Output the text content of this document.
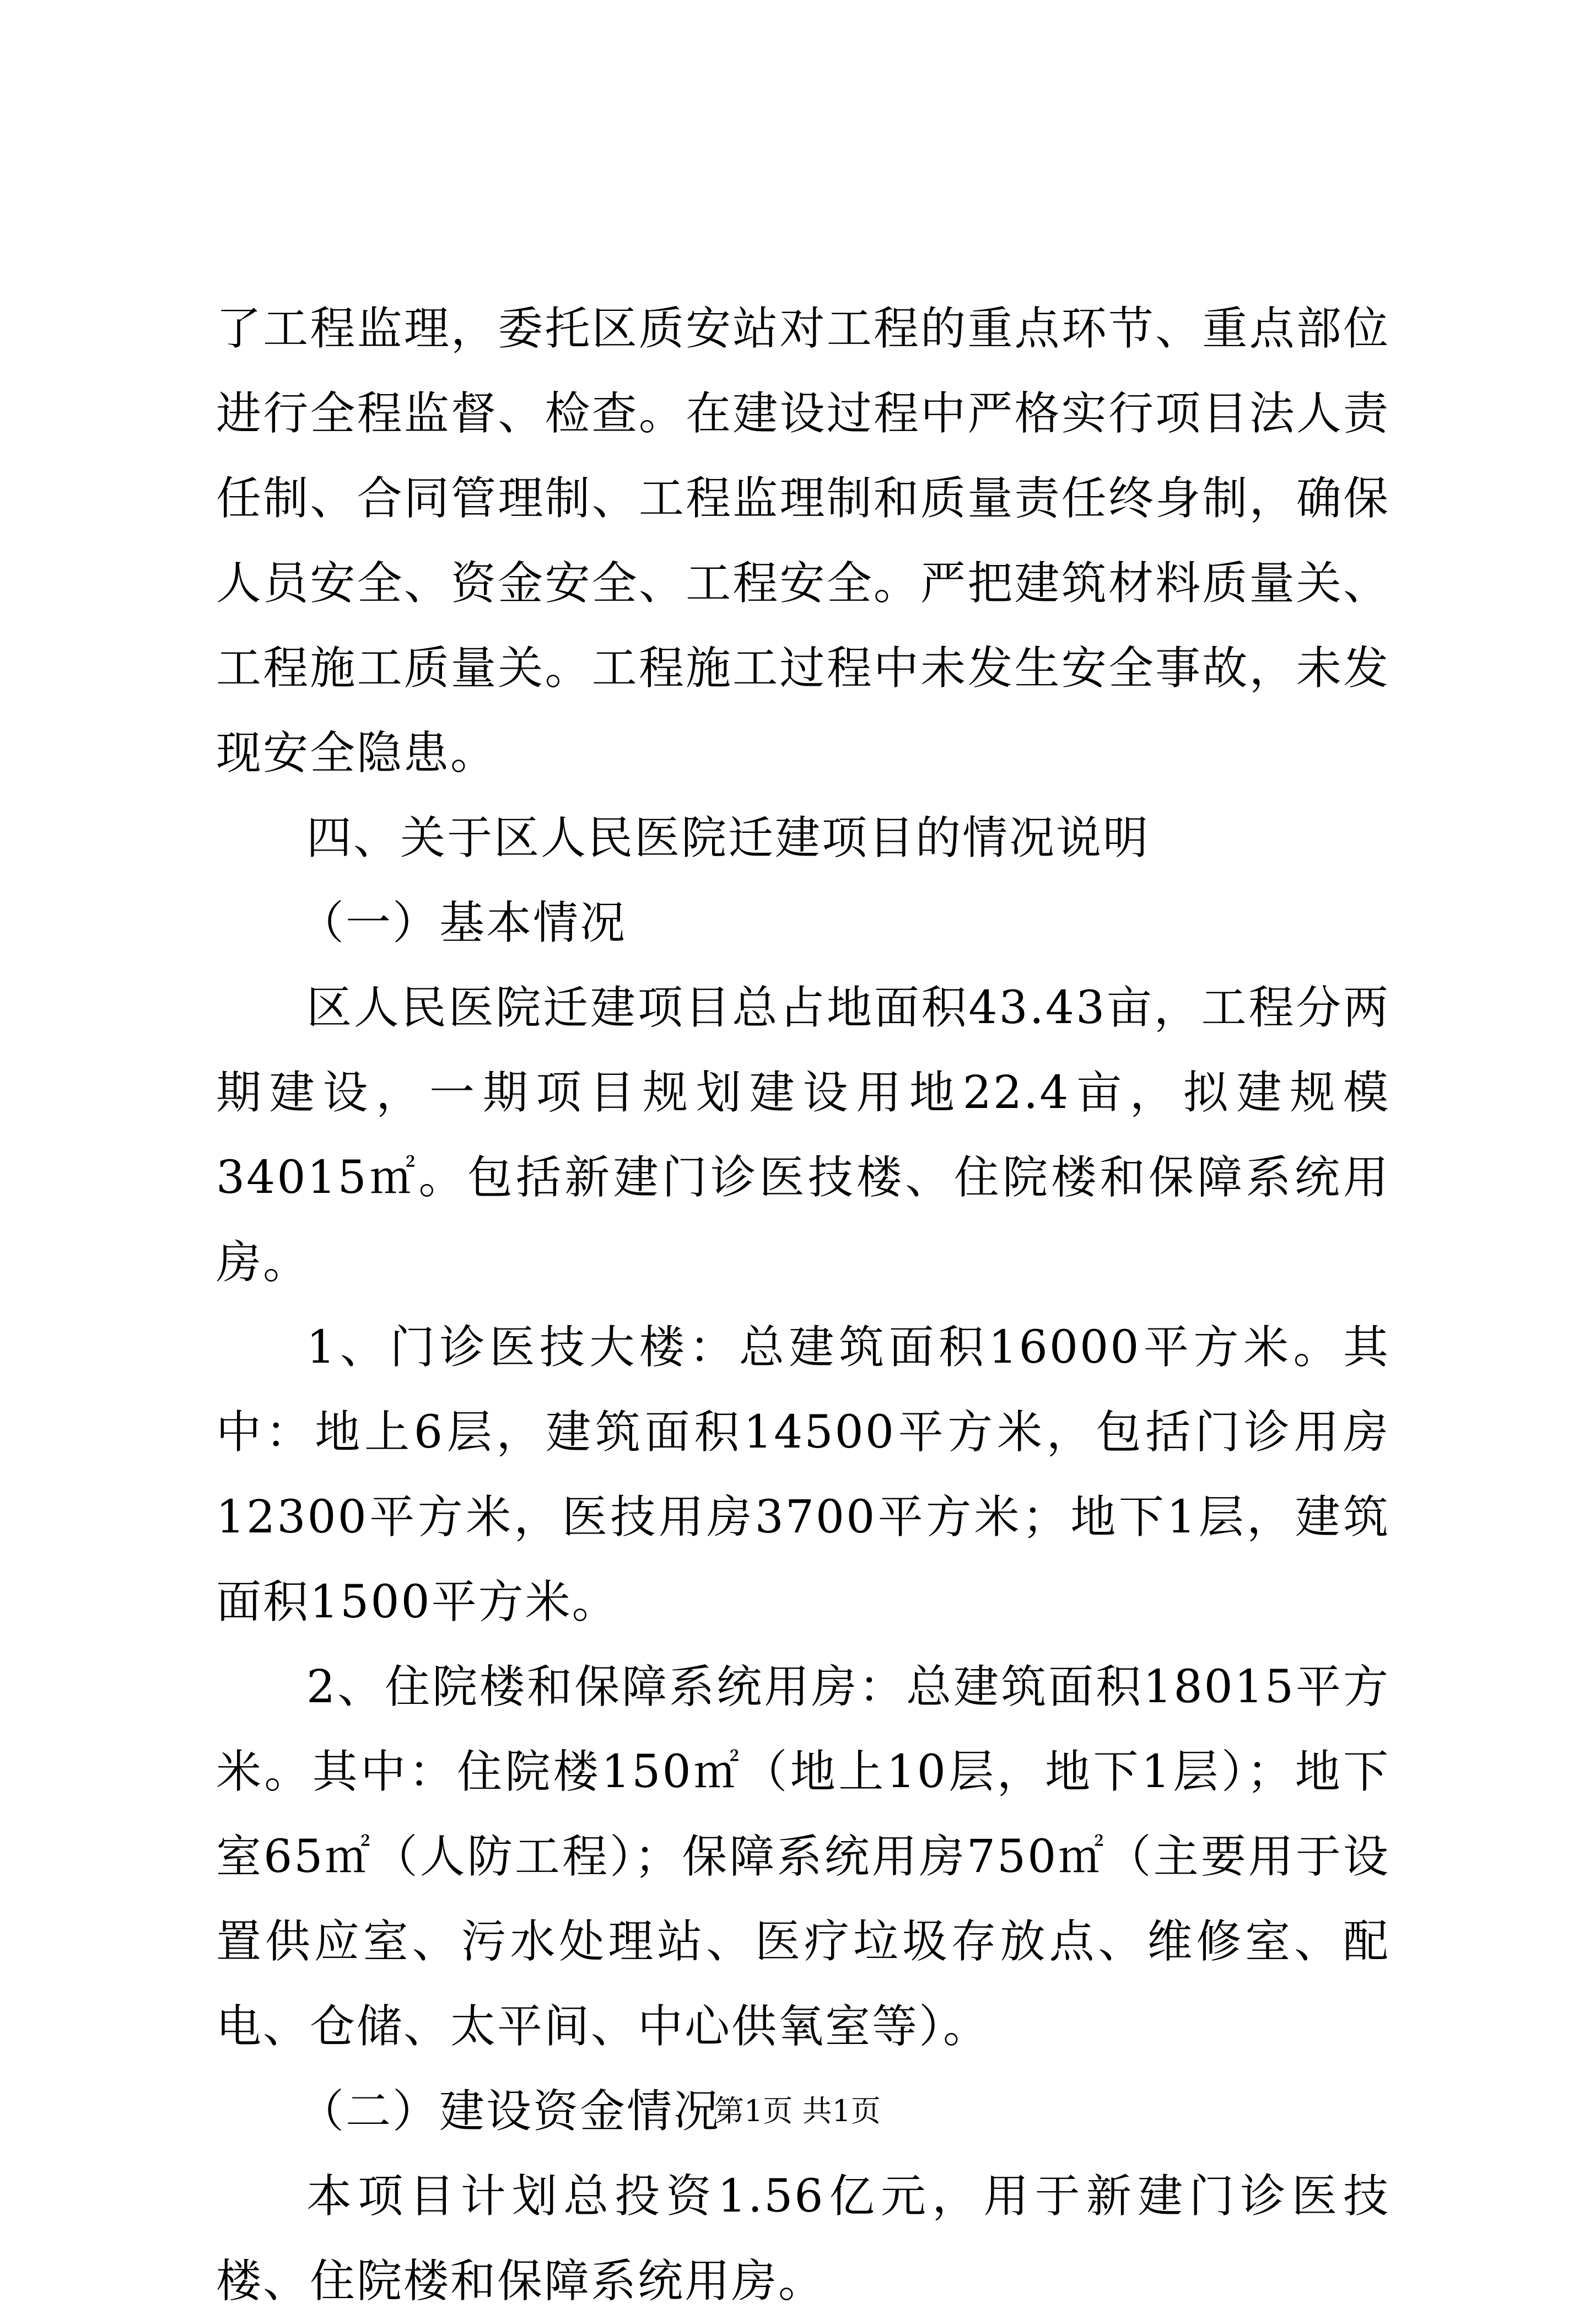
了工程监理，委托区质安站对工程的重点环节、重点部位进行全程监督、检查。在建设过程中严格实行项目法人责任制、合同管理制、工程监理制和质量责任终身制，确保人员安全、资金安全、工程安全。严把建筑材料质量关、工程施工质量关。工程施工过程中未发生安全事故，未发现安全隐患。

四、关于区人民医院迁建项目的情况说明

（一）基本情况

区人民医院迁建项目总占地面积43.43亩，工程分两期建设，一期项目规划建设用地22.4亩，拟建规模34015㎡。包括新建门诊医技楼、住院楼和保障系统用房。

1、门诊医技大楼：总建筑面积16000平方米。其中：地上6层，建筑面积14500平方米，包括门诊用房12300平方米，医技用房3700平方米；地下1层，建筑面积1500平方米。

2、住院楼和保障系统用房：总建筑面积18015平方米。其中：住院楼150㎡（地上10层，地下1层）；地下室65㎡（人防工程）；保障系统用房750㎡（主要用于设置供应室、污水处理站、医疗垃圾存放点、维修室、配电、仓储、太平间、中心供氧室等）。

（二）建设资金情况

本项目计划总投资1.56亿元，用于新建门诊医技楼、住院楼和保障系统用房。

第1页 共1页
